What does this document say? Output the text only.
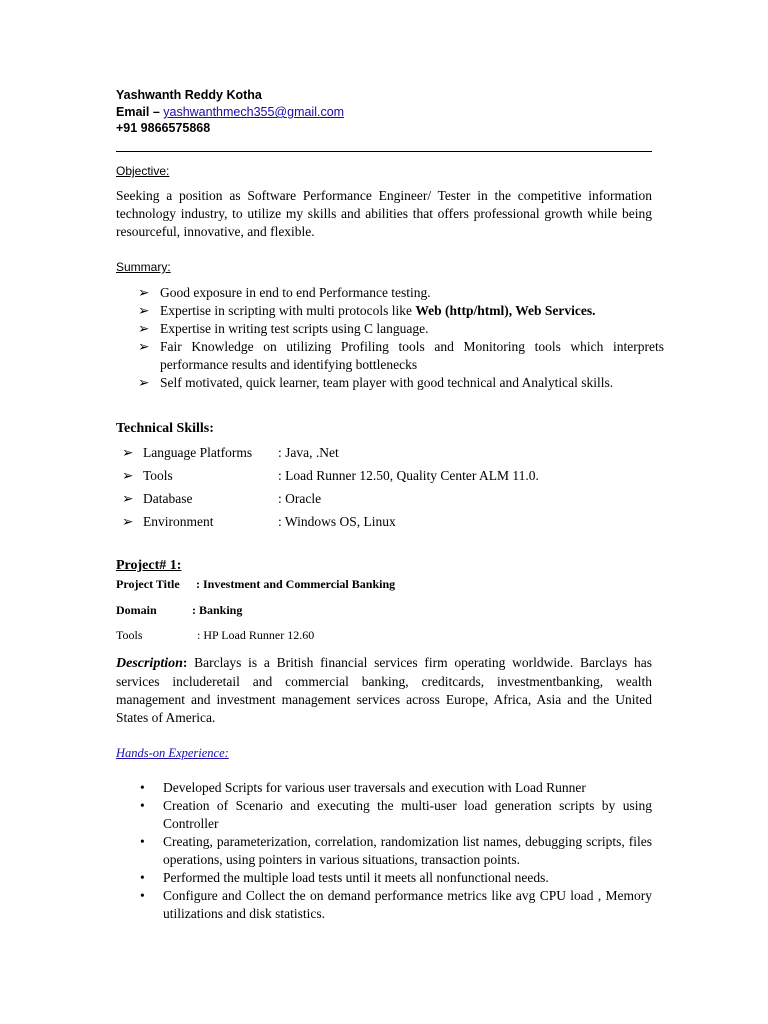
Yashwanth Reddy Kotha
Email – yashwanthmech355@gmail.com
+91 9866575868
Objective:
Seeking a position as Software Performance Engineer/ Tester in the competitive information technology industry, to utilize my skills and abilities that offers professional growth while being resourceful, innovative, and flexible.
Summary:
➢ Good exposure in end to end Performance testing.
➢ Expertise in scripting with multi protocols like Web (http/html), Web Services.
➢ Expertise in writing test scripts using C language.
➢ Fair Knowledge on utilizing Profiling tools and Monitoring tools which interprets performance results and identifying bottlenecks
➢ Self motivated, quick learner, team player with good technical and Analytical skills.
Technical Skills:
➢ Language Platforms : Java, .Net
➢ Tools	: Load Runner 12.50, Quality Center ALM 11.0.
➢ Database	: Oracle
➢ Environment	: Windows OS, Linux
Project# 1:
Project Title : Investment and Commercial Banking
Domain	: Banking
Tools	: HP Load Runner 12.60
Description: Barclays is a British financial services firm operating worldwide. Barclays has services includeretail and commercial banking, creditcards, investmentbanking, wealth management and investment management services across Europe, Africa, Asia and the United States of America.
Hands-on Experience:
• Developed Scripts for various user traversals and execution with Load Runner
• Creation of Scenario and executing the multi-user load generation scripts by using Controller
• Creating, parameterization, correlation, randomization list names, debugging scripts, files operations, using pointers in various situations, transaction points.
• Performed the multiple load tests until it meets all nonfunctional needs.
• Configure and Collect the on demand performance metrics like avg CPU load , Memory utilizations and disk statistics.
